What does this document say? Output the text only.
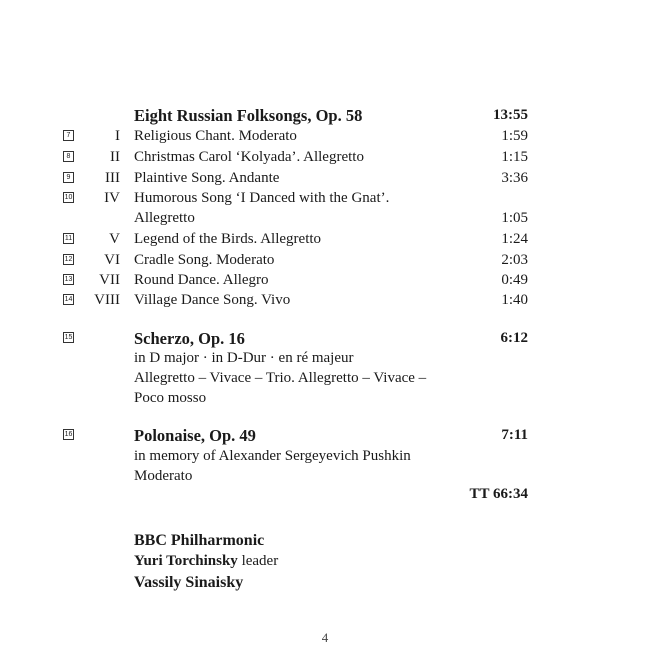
Eight Russian Folksongs, Op. 58	13:55
7	I Religious Chant. Moderato	1:59
8	II Christmas Carol ‘Kolyada’. Allegretto	1:15
9 III Plaintive Song. Andante	3:36
10 IV Humorous Song ‘I Danced with the Gnat’.
Allegretto	1:05
11 V Legend of the Birds. Allegretto	1:24
12 VI Cradle Song. Moderato	2:03
13 VII Round Dance. Allegro	0:49
14 VIII Village Dance Song. Vivo	1:40
15	Scherzo, Op. 16	6:12
in D major · in D-Dur · en ré majeur
Allegretto – Vivace – Trio. Allegretto – Vivace –
Poco mosso
16	Polonaise, Op. 49	7:11
in memory of Alexander Sergeyevich Pushkin
Moderato
TT 66:34
BBC Philharmonic
Yuri Torchinsky leader
Vassily Sinaisky
4
